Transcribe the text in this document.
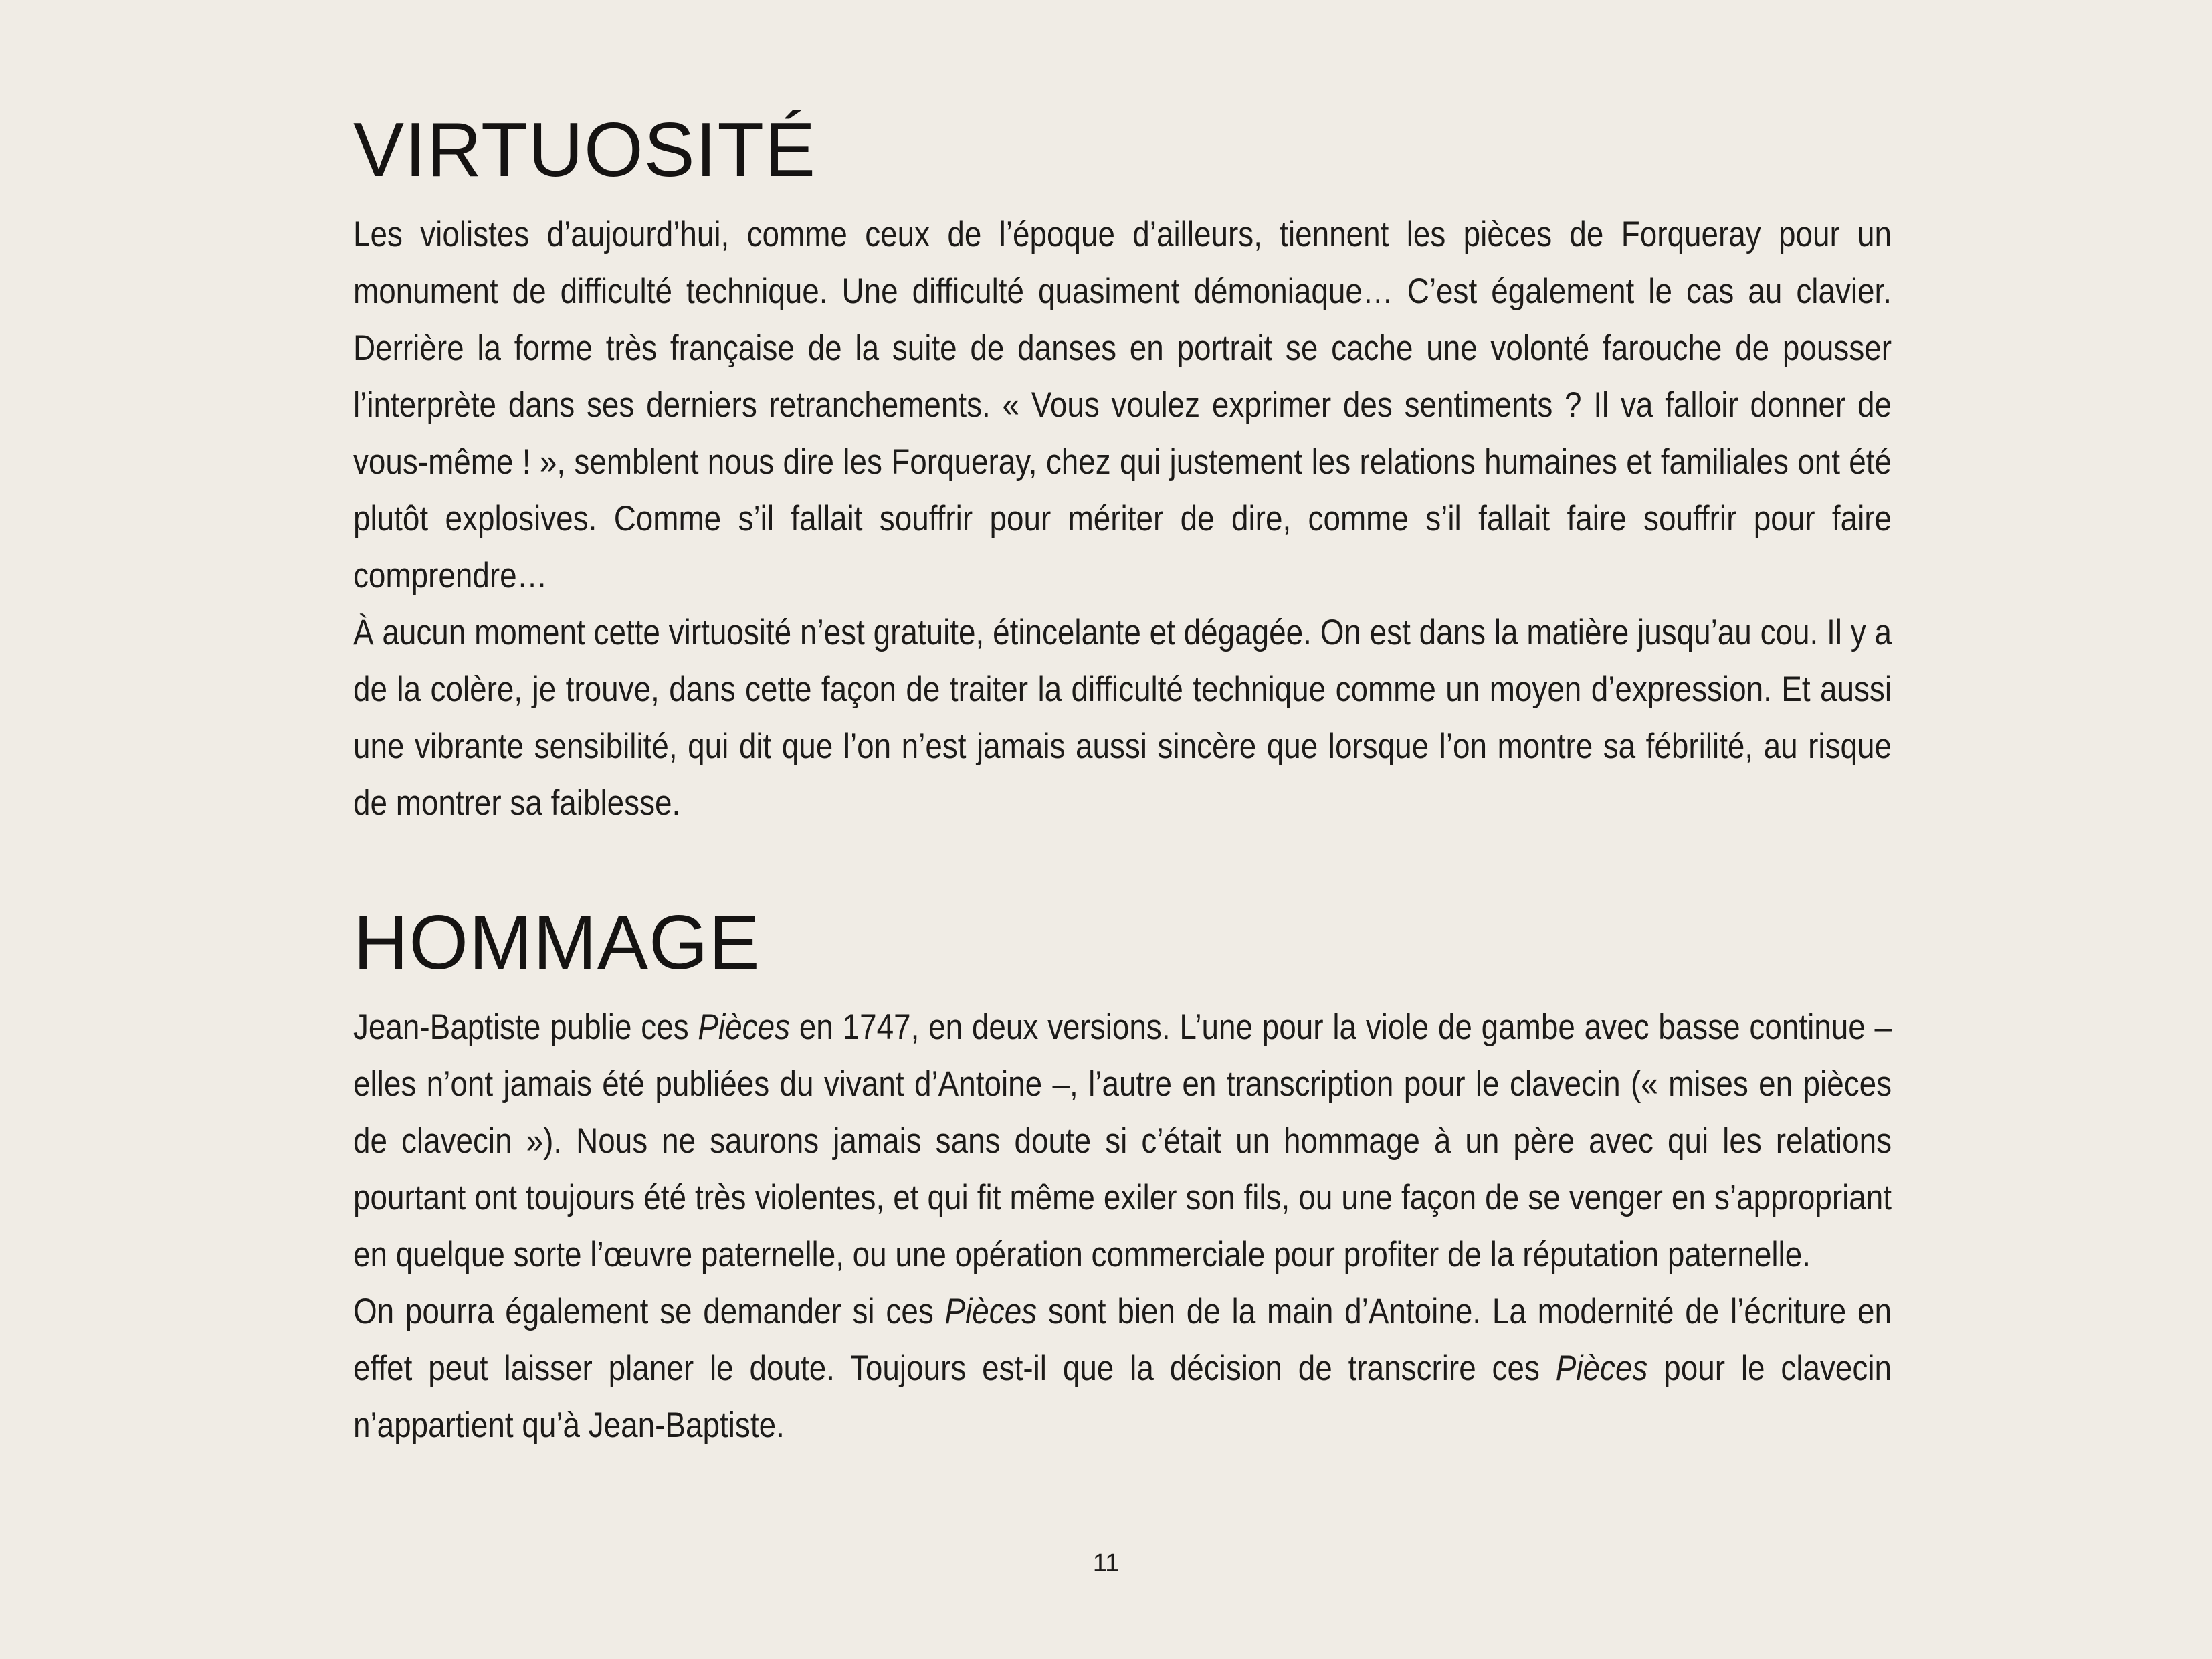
VIRTUOSITÉ

Les violistes d’aujourd’hui, comme ceux de l’époque d’ailleurs, tiennent les pièces de Forqueray pour un monument de difficulté technique. Une difficulté quasiment démoniaque… C’est également le cas au clavier. Derrière la forme très française de la suite de danses en portrait se cache une volonté farouche de pousser l’interprète dans ses derniers retranchements. « Vous voulez exprimer des sentiments ? Il va falloir donner de vous-même ! », semblent nous dire les Forqueray, chez qui justement les relations humaines et familiales ont été plutôt explosives. Comme s’il fallait souffrir pour mériter de dire, comme s’il fallait faire souffrir pour faire comprendre…

À aucun moment cette virtuosité n’est gratuite, étincelante et dégagée. On est dans la matière jusqu’au cou. Il y a de la colère, je trouve, dans cette façon de traiter la difficulté technique comme un moyen d’expression. Et aussi une vibrante sensibilité, qui dit que l’on n’est jamais aussi sincère que lorsque l’on montre sa fébrilité, au risque de montrer sa faiblesse.

HOMMAGE

Jean-Baptiste publie ces Pièces en 1747, en deux versions. L’une pour la viole de gambe avec basse continue – elles n’ont jamais été publiées du vivant d’Antoine –, l’autre en transcription pour le clavecin (« mises en pièces de clavecin »). Nous ne saurons jamais sans doute si c’était un hommage à un père avec qui les relations pourtant ont toujours été très violentes, et qui fit même exiler son fils, ou une façon de se venger en s’appropriant en quelque sorte l’œuvre paternelle, ou une opération commerciale pour profiter de la réputation paternelle.

On pourra également se demander si ces Pièces sont bien de la main d’Antoine. La modernité de l’écriture en effet peut laisser planer le doute. Toujours est-il que la décision de transcrire ces Pièces pour le clavecin n’appartient qu’à Jean-Baptiste.

11
